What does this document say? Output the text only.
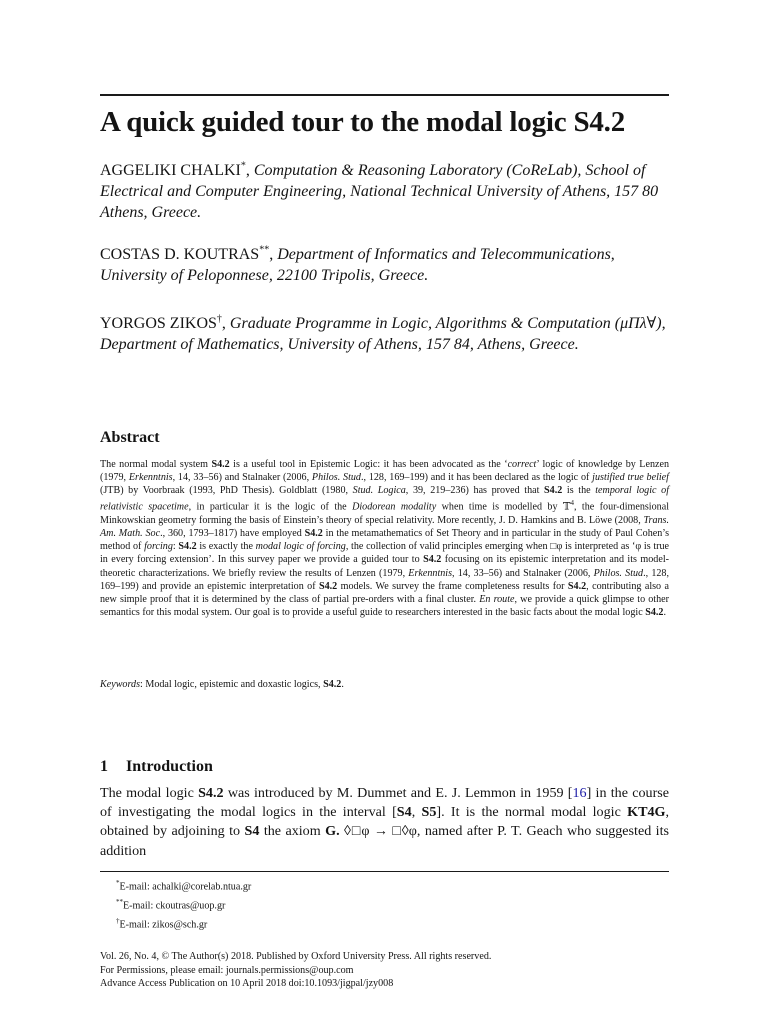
A quick guided tour to the modal logic S4.2

AGGELIKI CHALKI*, Computation & Reasoning Laboratory (CoReLab), School of Electrical and Computer Engineering, National Technical University of Athens, 157 80 Athens, Greece.

COSTAS D. KOUTRAS**, Department of Informatics and Telecommunications, University of Peloponnese, 22100 Tripolis, Greece.

YORGOS ZIKOS†, Graduate Programme in Logic, Algorithms & Computation (μΠλ∀), Department of Mathematics, University of Athens, 157 84, Athens, Greece.

Abstract

The normal modal system S4.2 is a useful tool in Epistemic Logic: it has been advocated as the ‘correct’ logic of knowledge by Lenzen (1979, Erkenntnis, 14, 33–56) and Stalnaker (2006, Philos. Stud., 128, 169–199) and it has been declared as the logic of justified true belief (JTB) by Voorbraak (1993, PhD Thesis). Goldblatt (1980, Stud. Logica, 39, 219–236) has proved that S4.2 is the temporal logic of relativistic spacetime, in particular it is the logic of the Diodorean modality when time is modelled by 𝕋$^4$, the four-dimensional Minkowskian geometry forming the basis of Einstein’s theory of special relativity. More recently, J. D. Hamkins and B. Löwe (2008, Trans. Am. Math. Soc., 360, 1793–1817) have employed S4.2 in the metamathematics of Set Theory and in particular in the study of Paul Cohen’s method of forcing: S4.2 is exactly the modal logic of forcing, the collection of valid principles emerging when □φ is interpreted as ‘φ is true in every forcing extension’. In this survey paper we provide a guided tour to S4.2 focusing on its epistemic interpretation and its model-theoretic characterizations. We briefly review the results of Lenzen (1979, Erkenntnis, 14, 33–56) and Stalnaker (2006, Philos. Stud., 128, 169–199) and provide an epistemic interpretation of S4.2 models. We survey the frame completeness results for S4.2, contributing also a new simple proof that it is determined by the class of partial pre-orders with a final cluster. En route, we provide a quick glimpse to other semantics for this modal system. Our goal is to provide a useful guide to researchers interested in the basic facts about the modal logic S4.2.

Keywords: Modal logic, epistemic and doxastic logics, S4.2.

1 Introduction

The modal logic S4.2 was introduced by M. Dummet and E. J. Lemmon in 1959 [16] in the course of investigating the modal logics in the interval [S4, S5]. It is the normal modal logic KT4G, obtained by adjoining to S4 the axiom G. ◊□φ → □◊φ, named after P. T. Geach who suggested its addition

*E-mail: achalki@corelab.ntua.gr
**E-mail: ckoutras@uop.gr
†E-mail: zikos@sch.gr
Vol. 26, No. 4, © The Author(s) 2018. Published by Oxford University Press. All rights reserved.
For Permissions, please email: journals.permissions@oup.com
Advance Access Publication on 10 April 2018 doi:10.1093/jigpal/jzy008
